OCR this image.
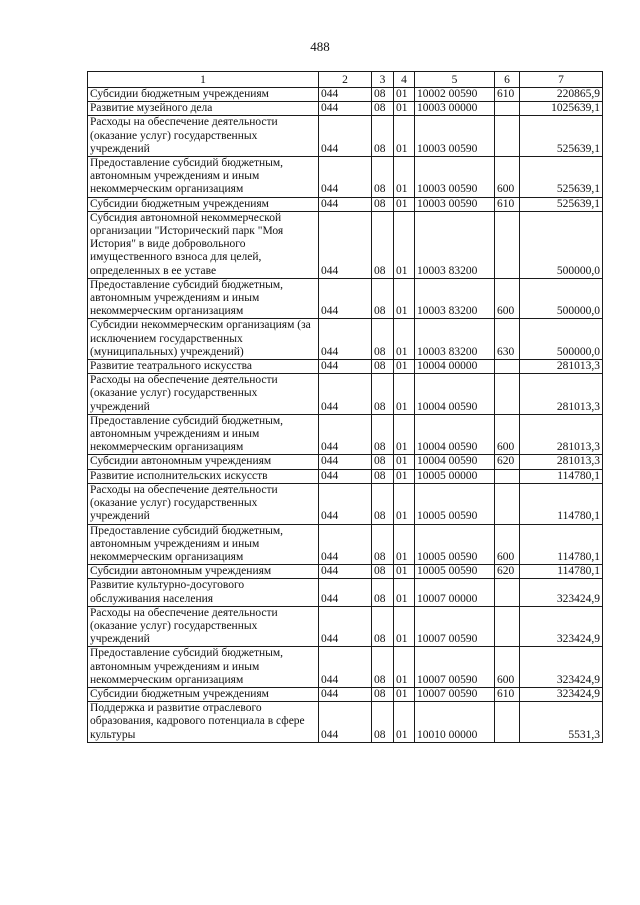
488
1	2	3	4	5	6	7
Субсидии бюджетным учреждениям	044	08	01	10002 00590	610	220865,9
Развитие музейного дела	044	08	01	10003 00000		1025639,1
Расходы на обеспечение деятельности (оказание услуг) государственных учреждений	044	08	01	10003 00590		525639,1
Предоставление субсидий бюджетным, автономным учреждениям и иным некоммерческим организациям	044	08	01	10003 00590	600	525639,1
Субсидии бюджетным учреждениям	044	08	01	10003 00590	610	525639,1
Субсидия автономной некоммерческой организации "Исторический парк "Моя История" в виде добровольного имущественного взноса для целей, определенных в ее уставе	044	08	01	10003 83200		500000,0
Предоставление субсидий бюджетным, автономным учреждениям и иным некоммерческим организациям	044	08	01	10003 83200	600	500000,0
Субсидии некоммерческим организациям (за исключением государственных (муниципальных) учреждений)	044	08	01	10003 83200	630	500000,0
Развитие театрального искусства	044	08	01	10004 00000		281013,3
Расходы на обеспечение деятельности (оказание услуг) государственных учреждений	044	08	01	10004 00590		281013,3
Предоставление субсидий бюджетным, автономным учреждениям и иным некоммерческим организациям	044	08	01	10004 00590	600	281013,3
Субсидии автономным учреждениям	044	08	01	10004 00590	620	281013,3
Развитие исполнительских искусств	044	08	01	10005 00000		114780,1
Расходы на обеспечение деятельности (оказание услуг) государственных учреждений	044	08	01	10005 00590		114780,1
Предоставление субсидий бюджетным, автономным учреждениям и иным некоммерческим организациям	044	08	01	10005 00590	600	114780,1
Субсидии автономным учреждениям	044	08	01	10005 00590	620	114780,1
Развитие культурно-досугового обслуживания населения	044	08	01	10007 00000		323424,9
Расходы на обеспечение деятельности (оказание услуг) государственных учреждений	044	08	01	10007 00590		323424,9
Предоставление субсидий бюджетным, автономным учреждениям и иным некоммерческим организациям	044	08	01	10007 00590	600	323424,9
Субсидии бюджетным учреждениям	044	08	01	10007 00590	610	323424,9
Поддержка и развитие отраслевого образования, кадрового потенциала в сфере культуры	044	08	01	10010 00000		5531,3
